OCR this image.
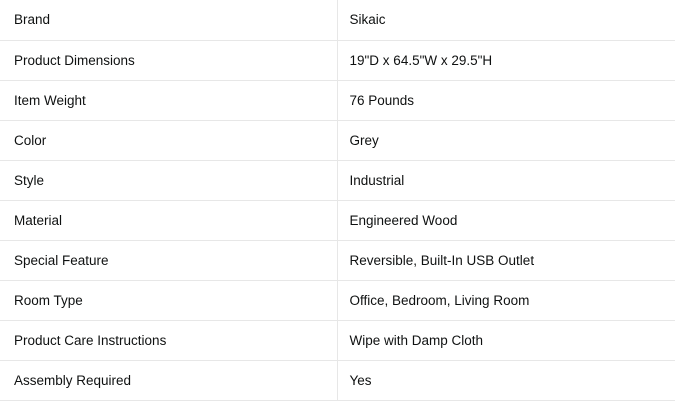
Brand	Sikaic
Product Dimensions	19"D x 64.5"W x 29.5"H
Item Weight	76 Pounds
Color	Grey
Style	Industrial
Material	Engineered Wood
Special Feature	Reversible, Built-In USB Outlet
Room Type	Office, Bedroom, Living Room
Product Care Instructions	Wipe with Damp Cloth
Assembly Required	Yes
